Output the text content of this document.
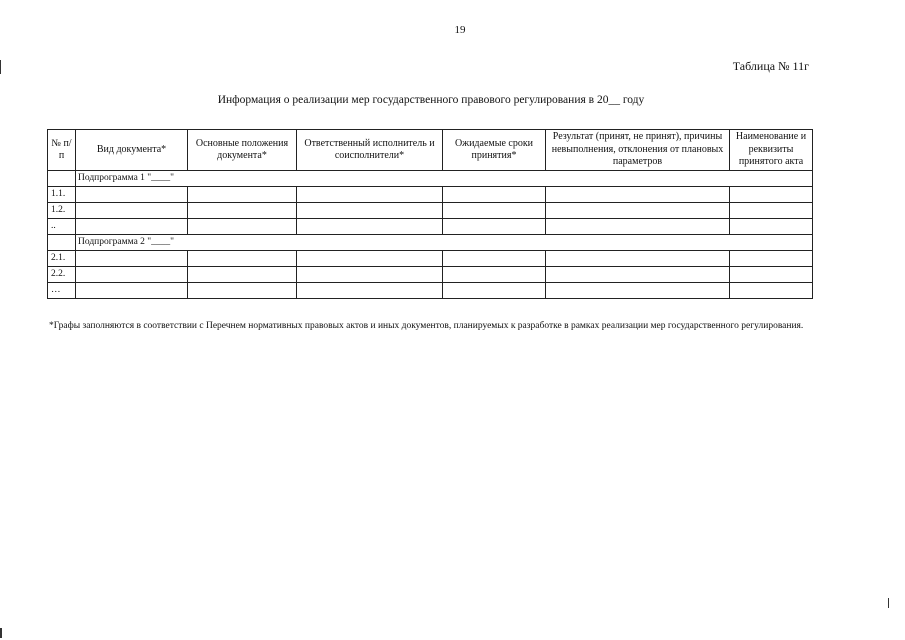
19
Таблица № 11г
Информация о реализации мер государственного правового регулирования в 20__ году
№ п/п	Вид документа*	Основные положения документа*	Ответственный исполнитель и соисполнители*	Ожидаемые сроки принятия*	Результат (принят, не принят), причины невыполнения, отклонения от плановых параметров	Наименование и реквизиты принятого акта
	Подпрограмма 1 "____"					
1.1.						
1.2.						
..						
	Подпрограмма 2 "____"					
2.1.						
2.2.						
…						
*Графы заполняются в соответствии с Перечнем нормативных правовых актов и иных документов, планируемых к разработке в рамках реализации мер государственного регулирования.
